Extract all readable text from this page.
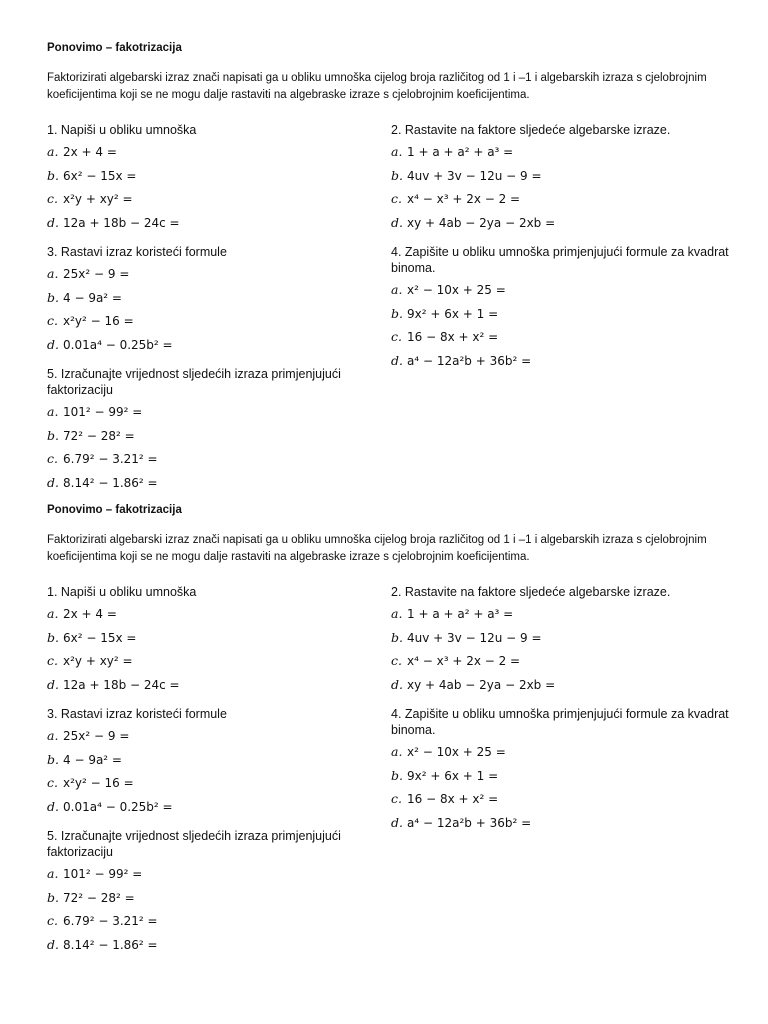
Ponovimo – fakotrizacija
Faktorizirati algebarski izraz znači napisati ga u obliku umnoška cijelog broja različitog od 1 i –1 i algebarskih izraza s cjelobrojnim koeficijentima koji se ne mogu dalje rastaviti na algebraske izraze s cjelobrojnim koeficijentima.
1. Napiši u obliku umnoška
a. 2x + 4 =
b. 6x² − 15x =
c. x²y + xy² =
d. 12a + 18b − 24c =
2. Rastavite na faktore sljedeće algebarske izraze.
a. 1 + a + a² + a³ =
b. 4uv + 3v − 12u − 9 =
c. x⁴ − x³ + 2x − 2 =
d. xy + 4ab − 2ya − 2xb =
3. Rastavi izraz koristeći formule
a. 25x² − 9 =
b. 4 − 9a² =
c. x²y² − 16 =
d. 0.01a⁴ − 0.25b² =
4. Zapišite u obliku umnoška primjenjujući formule za kvadrat binoma.
a. x² − 10x + 25 =
b. 9x² + 6x + 1 =
c. 16 − 8x + x² =
d. a⁴ − 12a²b + 36b² =
5. Izračunajte vrijednost sljedećih izraza primjenjujući faktorizaciju
a. 101² − 99² =
b. 72² − 28² =
c. 6.79² − 3.21² =
d. 8.14² − 1.86² =
Ponovimo – fakotrizacija
Faktorizirati algebarski izraz znači napisati ga u obliku umnoška cijelog broja različitog od 1 i –1 i algebarskih izraza s cjelobrojnim koeficijentima koji se ne mogu dalje rastaviti na algebraske izraze s cjelobrojnim koeficijentima.
1. Napiši u obliku umnoška
a. 2x + 4 =
b. 6x² − 15x =
c. x²y + xy² =
d. 12a + 18b − 24c =
2. Rastavite na faktore sljedeće algebarske izraze.
a. 1 + a + a² + a³ =
b. 4uv + 3v − 12u − 9 =
c. x⁴ − x³ + 2x − 2 =
d. xy + 4ab − 2ya − 2xb =
3. Rastavi izraz koristeći formule
a. 25x² − 9 =
b. 4 − 9a² =
c. x²y² − 16 =
d. 0.01a⁴ − 0.25b² =
4. Zapišite u obliku umnoška primjenjujući formule za kvadrat binoma.
a. x² − 10x + 25 =
b. 9x² + 6x + 1 =
c. 16 − 8x + x² =
d. a⁴ − 12a²b + 36b² =
5. Izračunajte vrijednost sljedećih izraza primjenjujući faktorizaciju
a. 101² − 99² =
b. 72² − 28² =
c. 6.79² − 3.21² =
d. 8.14² − 1.86² =
